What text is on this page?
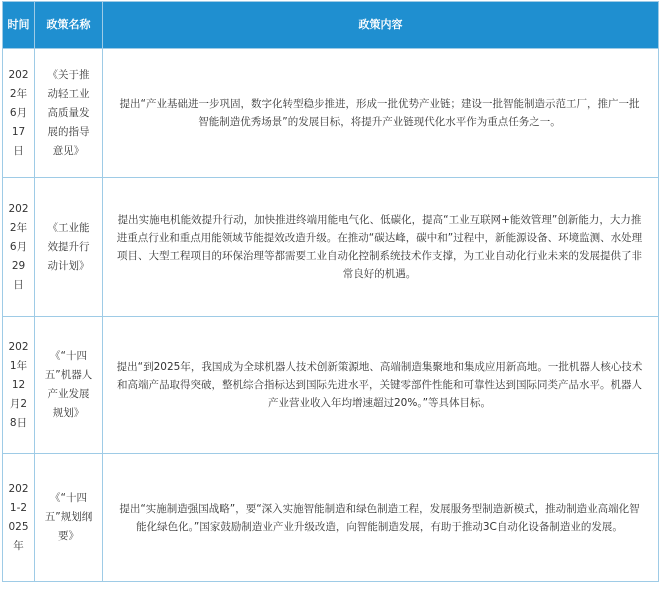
时间	政策名称	政策内容
2022年6月17日	《关于推动轻工业高质量发展的指导意见》	提出“产业基础进一步巩固，数字化转型稳步推进，形成一批优势产业链；建设一批智能制造示范工厂，推广一批智能制造优秀场景”的发展目标，将提升产业链现代化水平作为重点任务之一。
2022年6月29日	《工业能效提升行动计划》	提出实施电机能效提升行动，加快推进终端用能电气化、低碳化，提高“工业互联网+能效管理”创新能力，大力推进重点行业和重点用能领域节能提效改造升级。在推动“碳达峰，碳中和”过程中，新能源设备、环境监测、水处理项目、大型工程项目的环保治理等都需要工业自动化控制系统技术作支撑，为工业自动化行业未来的发展提供了非常良好的机遇。
2021年12月28日	《“十四五”机器人产业发展规划》	提出“到2025年，我国成为全球机器人技术创新策源地、高端制造集聚地和集成应用新高地。一批机器人核心技术和高端产品取得突破，整机综合指标达到国际先进水平，关键零部件性能和可靠性达到国际同类产品水平。机器人产业营业收入年均增速超过20%。”等具体目标。
2021-2025年	《“十四五”规划纲要》	提出“实施制造强国战略”，要“深入实施智能制造和绿色制造工程，发展服务型制造新模式，推动制造业高端化智能化绿色化。”国家鼓励制造业产业升级改造，向智能制造发展，有助于推动3C自动化设备制造业的发展。
